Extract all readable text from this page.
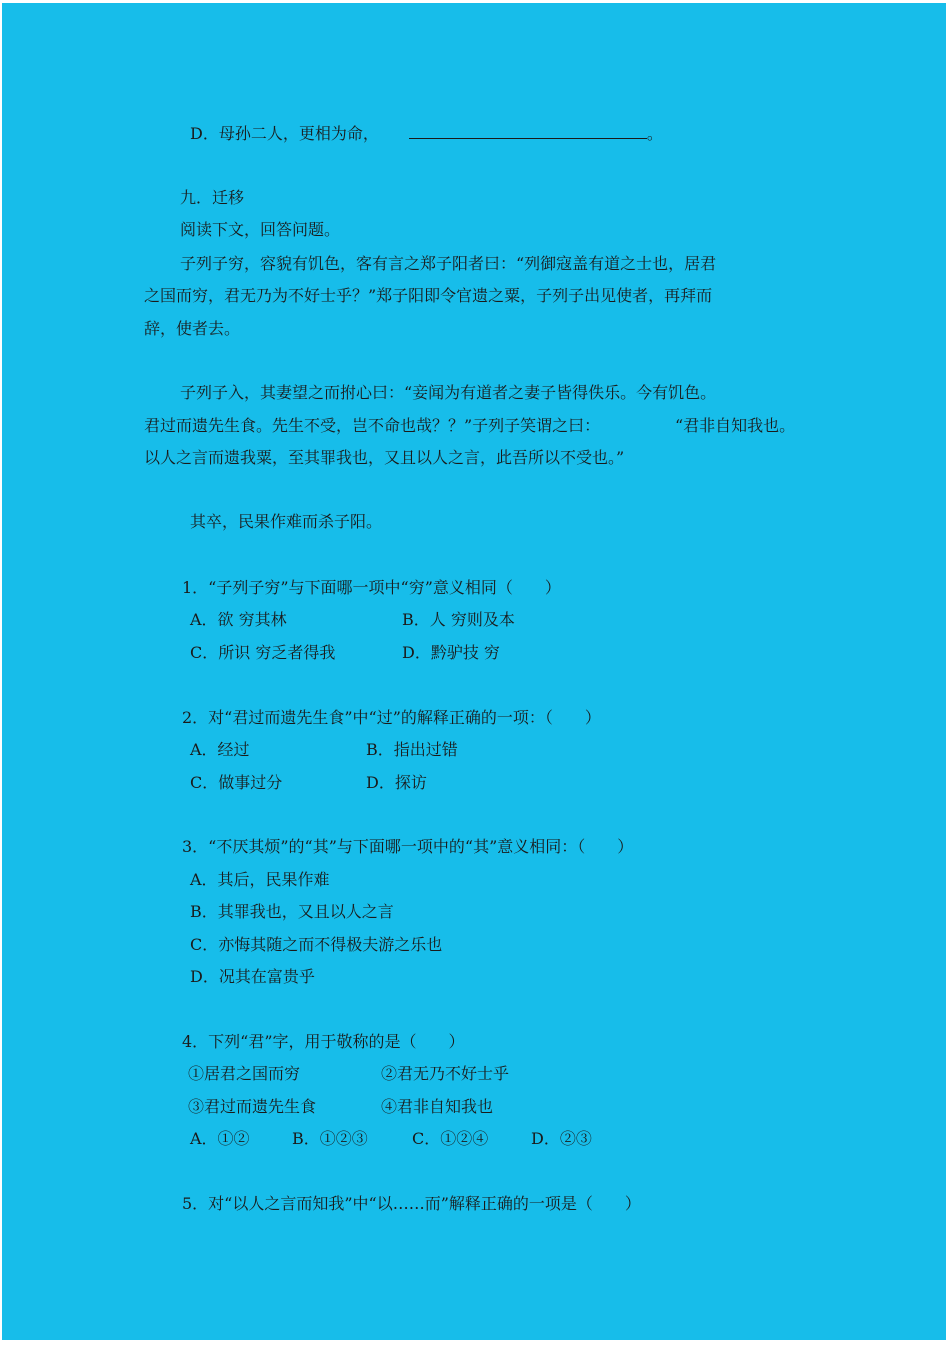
D．母孙二人，更相为命，	。
九．迁移
阅读下文，回答问题。
子列子穷，容貌有饥色，客有言之郑子阳者曰：“列御寇盖有道之士也，居君
之国而穷，君无乃为不好士乎？”郑子阳即令官遗之粟，子列子出见使者，再拜而
辞，使者去。
子列子入，其妻望之而拊心曰：“妾闻为有道者之妻子皆得佚乐。今有饥色。
君过而遗先生食。先生不受，岂不命也哉？？”子列子笑谓之曰：	“君非自知我也。
以人之言而遗我粟，至其罪我也，又且以人之言，此吾所以不受也。”
其卒，民果作难而杀子阳。
1．“子列子穷”与下面哪一项中“穷”意义相同（　　）
A．欲 穷其林	B．人 穷则及本
C．所识 穷乏者得我	D．黔驴技 穷
2．对“君过而遗先生食”中“过”的解释正确的一项：（　　）
A．经过	B．指出过错
C．做事过分	D．探访
3．“不厌其烦”的“其”与下面哪一项中的“其”意义相同：（　　）
A．其后，民果作难
B．其罪我也，又且以人之言
C．亦悔其随之而不得极夫游之乐也
D．况其在富贵乎
4．下列“君”字，用于敬称的是（　　）
①居君之国而穷	②君无乃不好士乎
③君过而遗先生食	④君非自知我也
A．①②	B．①②③	C．①②④	D．②③
5．对“以人之言而知我”中“以……而”解释正确的一项是（　　）
